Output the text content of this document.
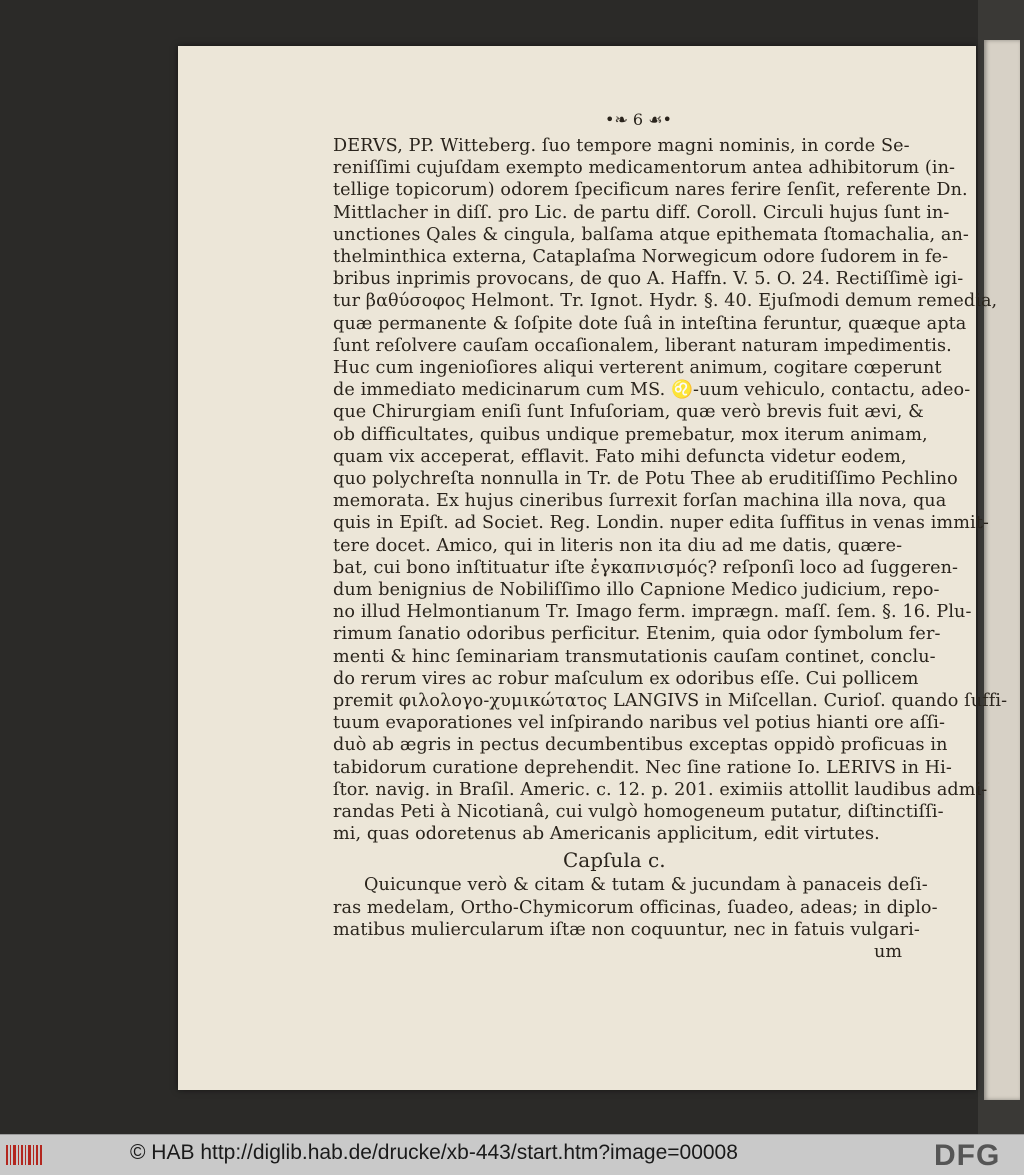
•❧ 6 ☙•
DERVS, PP. Witteberg. ſuo tempore magni nominis, in corde Se-
reniſſimi cujuſdam exempto medicamentorum antea adhibitorum (in-
tellige topicorum) odorem ſpecificum nares ferire ſenſit, referente Dn.
Mittlacher in diſſ. pro Lic. de partu diff. Coroll. Circuli hujus ſunt in-
unctiones Qales & cingula, balſama atque epithemata ſtomachalia, an-
thelminthica externa, Cataplaſma Norwegicum odore ſudorem in fe-
bribus inprimis provocans, de quo A. Haffn. V. 5. O. 24. Rectiſſimè igi-
tur βαθύσοφος Helmont. Tr. Ignot. Hydr. §. 40. Ejuſmodi demum remedia,
quæ permanente & ſoſpite dote ſuâ in inteſtina feruntur, quæque apta
ſunt reſolvere cauſam occaſionalem, liberant naturam impedimentis.
Huc cum ingenioſiores aliqui verterent animum, cogitare cœperunt
de immediato medicinarum cum MS. ♌-uum vehiculo, contactu, adeo-
que Chirurgiam eniſi ſunt Infuſoriam, quæ verò brevis fuit ævi, &
ob difficultates, quibus undique premebatur, mox iterum animam,
quam vix acceperat, efflavit. Fato mihi defuncta videtur eodem,
quo polychreſta nonnulla in Tr. de Potu Thee ab eruditiſſimo Pechlino
memorata. Ex hujus cineribus ſurrexit forſan machina illa nova, qua
quis in Epiſt. ad Societ. Reg. Londin. nuper edita ſuffitus in venas immit-
tere docet. Amico, qui in literis non ita diu ad me datis, quære-
bat, cui bono inſtituatur iſte ἐγκαπνισμός? reſponſi loco ad ſuggeren-
dum benignius de Nobiliſſimo illo Capnione Medico judicium, repo-
no illud Helmontianum Tr. Imago ferm. imprægn. maſſ. ſem. §. 16. Plu-
rimum ſanatio odoribus perficitur. Etenim, quia odor ſymbolum fer-
menti & hinc ſeminariam transmutationis cauſam continet, conclu-
do rerum vires ac robur maſculum ex odoribus eſſe. Cui pollicem
premit φιλολογο-χυμικώτατος LANGIVS in Miſcellan. Curioſ. quando ſuffi-
tuum evaporationes vel inſpirando naribus vel potius hianti ore aſſi-
duò ab ægris in pectus decumbentibus exceptas oppidò proficuas in
tabidorum curatione deprehendit. Nec ſine ratione Io. LERIVS in Hi-
ſtor. navig. in Braſil. Americ. c. 12. p. 201. eximiis attollit laudibus admi-
randas Peti à Nicotianâ, cui vulgò homogeneum putatur, diſtinctiſſi-
mi, quas odoretenus ab Americanis applicitum, edit virtutes.
Capſula c.
Quicunque verò & citam & tutam & jucundam à panaceis deſi-
ras medelam, Ortho-Chymicorum officinas, ſuadeo, adeas; in diplo-
matibus muliercularum iſtæ non coquuntur, nec in fatuis vulgari-
um
© HAB http://diglib.hab.de/drucke/xb-443/start.htm?image=00008	DFG
